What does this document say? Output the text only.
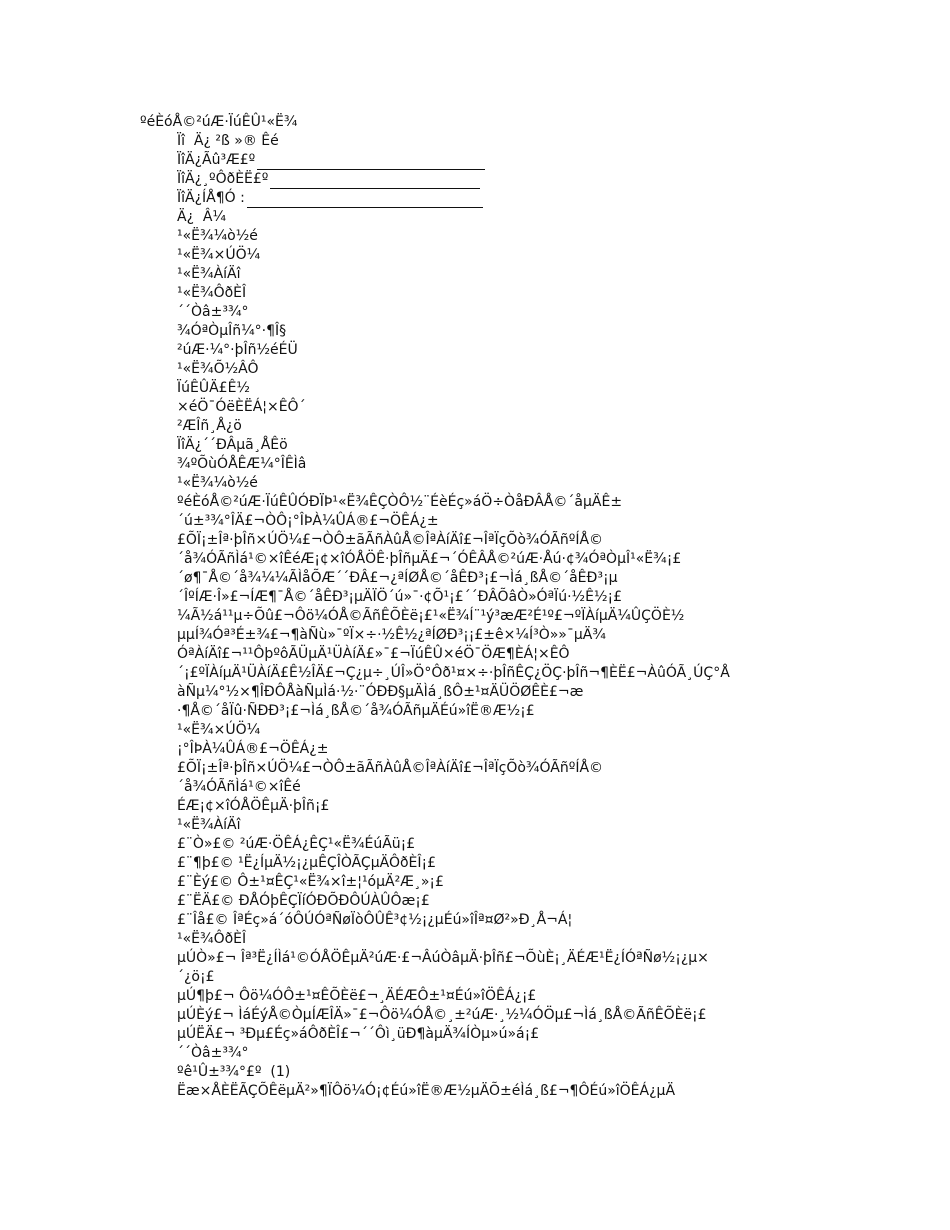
ºéÈóÅ©²úÆ·ÏúÊÛ¹«Ë¾
Ïî  Ä¿ ²ß »® Êé
ÏîÄ¿Ãû³Æ£º
ÏîÄ¿¸ºÔðÈË£º
ÏîÄ¿ÍÅ¶Ó :
Ä¿  Â¼
¹«Ë¾¼ò½é
¹«Ë¾×ÚÖ¼
¹«Ë¾ÀíÄî
¹«Ë¾ÔðÈÎ
´´Òâ±³¾°
¾ÓªÒµÎñ¼°·¶Î§
²úÆ·¼°·þÎñ½éÉÜ
¹«Ë¾Õ½ÂÔ
ÏúÊÛÄ£Ê½
×éÖ¯ÓëÈËÁ¦×ÊÔ´
²ÆÎñ¸Å¿ö
ÏîÄ¿´´ÐÂµã¸ÅÊö
¾ºÕùÓÅÊÆ¼°ÎÊÌâ
¹«Ë¾¼ò½é
ºéÈóÅ©²úÆ·ÏúÊÛÓÐÏÞ¹«Ë¾ÊÇÒÔ½¨ÉèÉç»áÖ÷ÒåÐÂÅ©´åµÄÊ±
´ú±³¾°ÎÄ£¬ÒÔ¡°ÎÞÀ¼ÛÁ®£¬ÖÊÁ¿±
£ÕÏ¡±Îª·þÎñ×ÚÖ¼£¬ÒÔ±ãÃñÀûÅ©ÎªÀíÄî£¬ÎªÏçÕò¾ÓÃñºÍÅ©
´å¾ÓÃñÌá¹©×îÊéÆ¡¢×îÓÅÖÊ·þÎñµÄ£¬´ÓÊÂÅ©²úÆ·Åú·¢¾ÓªÒµÎ¹«Ë¾¡£
´ø¶¯Å©´å¾¼¼ÃÌåÕÆ´´ÐÂ£¬¿ªÍØÅ©´åÊÐ³¡£¬Ìá¸ßÅ©´åÊÐ³¡µ
´ÎºÍÆ·Î»£¬ÍÆ¶¯Å©´åÊÐ³¡µÄÏÖ´ú»¯·¢Õ¹¡£´´ÐÂÕâÒ»ÓªÏú·½Ê½¡£
¼Ã½á¹¹µ÷Õû£¬Ôö¼ÓÅ©ÃñÊÕÈë¡£¹«Ë¾Í¨¹ý³æÆ²É¹º£¬ºÏÀíµÄ¼ÛÇÖÈ½
µµÍ¾Óª³É±¾£¬¶àÑù»¯ºÏ×÷·½Ê½¿ªÍØÐ³¡¡£±ê×¼Í³Ò»»¯µÄ¾
ÓªÀíÄî£¬¹¹ÔþºôÃÜµÄ¹ÜÀíÄ£»¯£¬ÏúÊÛ×éÖ¯ÖÆ¶ÈÁ¦×ÊÔ
´¡£ºÏÀíµÄ¹ÜÀíÄ£Ê½ÎÄ£¬Ç¿µ÷¸ÚÎ»Ö°Ôð¹¤×÷·þÎñÊÇ¿ÖÇ·þÎñ¬¶ÈË£¬ÀûÓÃ¸ÚÇ°Å
àÑµ¼°½×¶ÎÐÔÅàÑµÌá·½·¨ÓÐÐ§µÄÌá¸ßÔ±¹¤ÄÜÖØÊÈ£¬æ
·¶Å©´åÏû·ÑÐÐ³¡£¬Ìá¸ßÅ©´å¾ÓÃñµÄÉú»îË®Æ½¡£
¹«Ë¾×ÚÖ¼
¡°ÎÞÀ¼ÛÁ®£¬ÖÊÁ¿±
£ÕÏ¡±Îª·þÎñ×ÚÖ¼£¬ÒÔ±ãÃñÀûÅ©ÎªÀíÄî£¬ÎªÏçÕò¾ÓÃñºÍÅ©
´å¾ÓÃñÌá¹©×îÊé
ÉÆ¡¢×îÓÅÖÊµÄ·þÎñ¡£
¹«Ë¾ÀíÄî
£¨Ò»£© ²úÆ·ÖÊÁ¿ÊÇ¹«Ë¾ÉúÃü¡£
£¨¶þ£© ¹Ë¿ÍµÄ½¡¿µÊÇÎÒÃÇµÄÔðÈÎ¡£
£¨Èý£© Ô±¹¤ÊÇ¹«Ë¾×î±¦¹óµÄ²Æ¸»¡£
£¨ËÄ£© ÐÅÓþÊÇÏíÓÐÕÐÔÚÀÛÔæ¡£
£¨Îå£© ÎªÉç»á´óÔÚÓªÑøÏòÔÛÊ³¢½¡¿µÉú»îÎª¤Ø²»Ð¸Å¬Á¦
¹«Ë¾ÔðÈÎ
µÚÒ»£¬ Îª³Ë¿ÍÌá¹©ÓÅÖÊµÄ²úÆ·£¬ÂúÒâµÄ·þÎñ£¬ÕùÈ¡¸ÄÉÆ¹Ë¿ÍÓªÑø½¡¿µ×
´¿ö¡£
µÚ¶þ£¬ Ôö¼ÓÔ±¹¤ÊÕÈë£¬¸ÄÉÆÔ±¹¤Éú»îÖÊÁ¿¡£
µÚÈý£¬ ÌáÉýÅ©ÒµÍÆÎÄ»¯£¬Ôö¼ÓÅ©¸±²úÆ·¸½¼ÓÖµ£¬Ìá¸ßÅ©ÃñÊÕÈë¡£
µÚËÄ£¬ ³Ðµ£Éç»áÔðÈÎ£¬´´Ôì¸üÐ¶àµÄ¾ÍÒµ»ú»á¡£
´´Òâ±³¾°
ºê¹Û±³¾°£º  (1)
Ëæ×ÅÈËÃÇÕÊëµÄ²»¶ÏÔö¼Ó¡¢Éú»îË®Æ½µÄÕ±éÌá¸ß£¬¶ÔÉú»îÖÊÁ¿µÄ
